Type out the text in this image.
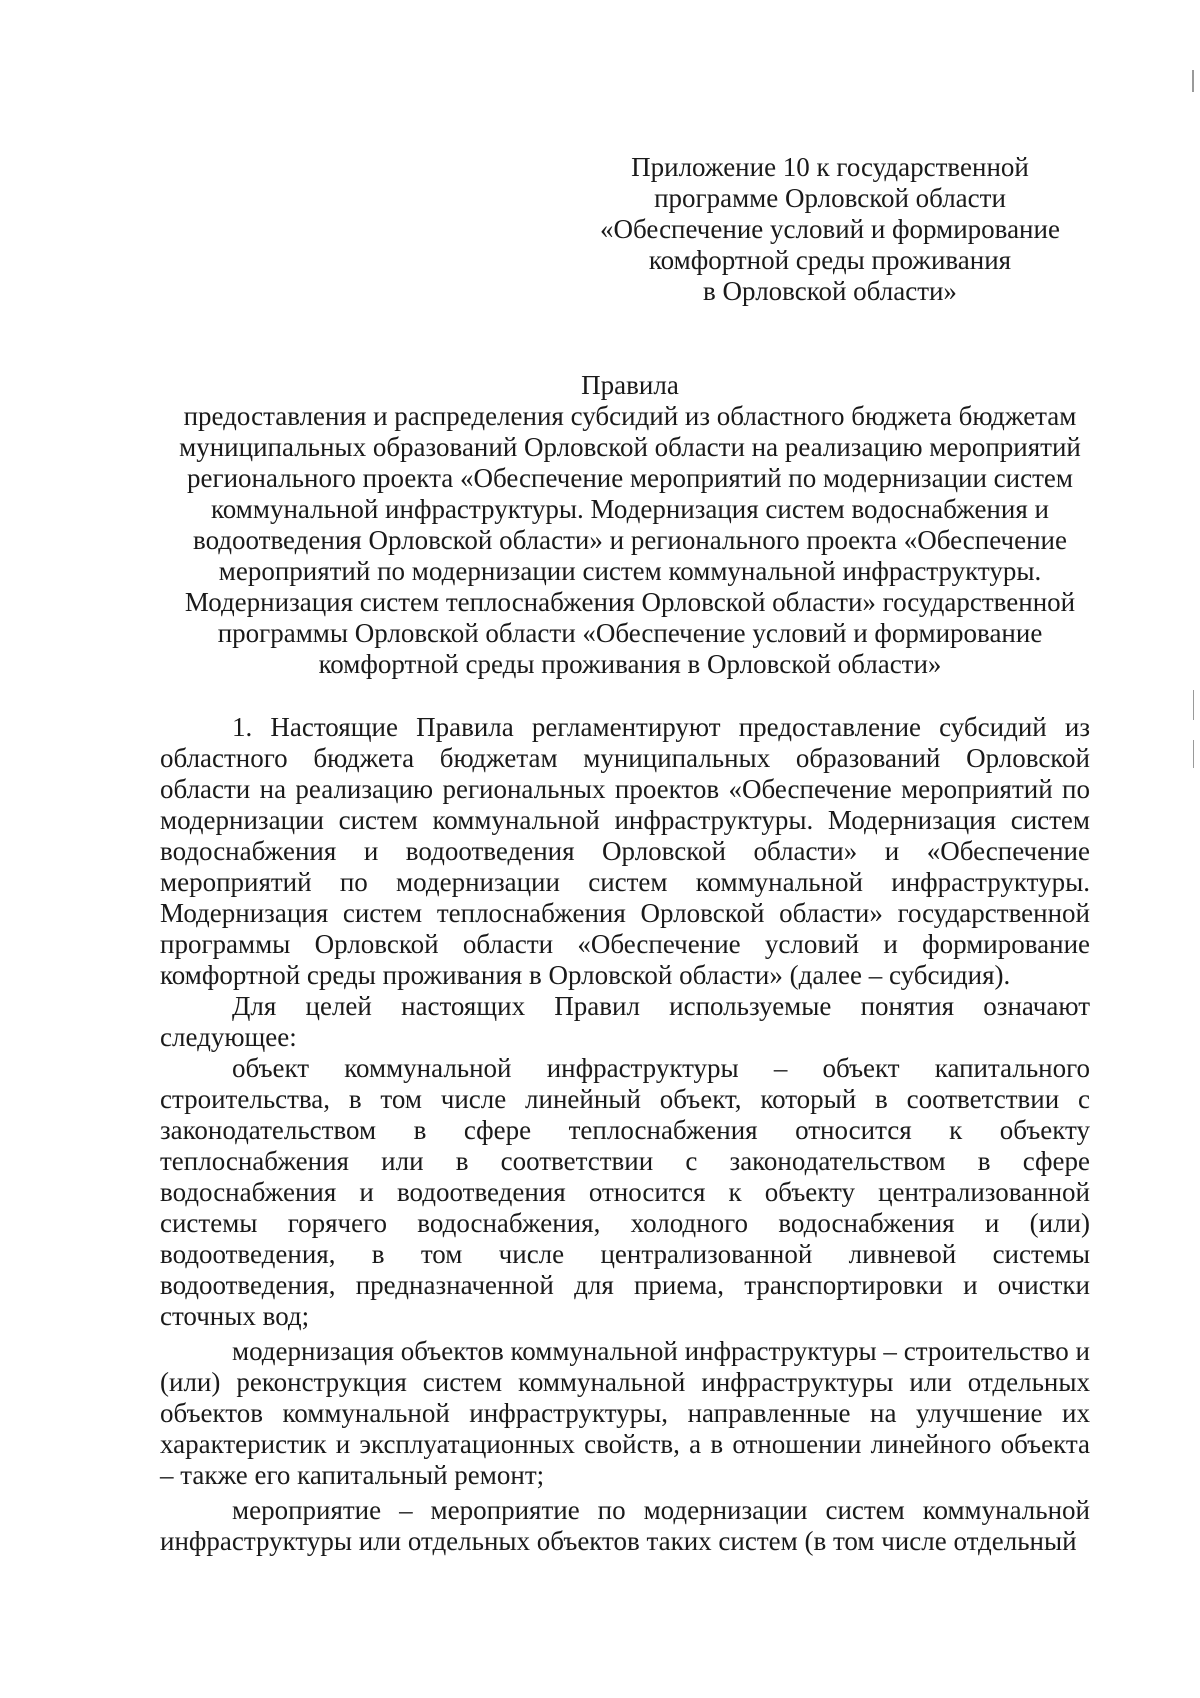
Приложение 10 к государственной
программе Орловской области
«Обеспечение условий и формирование
комфортной среды проживания
в Орловской области»
Правила
предоставления и распределения субсидий из областного бюджета бюджетам
муниципальных образований Орловской области на реализацию мероприятий
регионального проекта «Обеспечение мероприятий по модернизации систем
коммунальной инфраструктуры. Модернизация систем водоснабжения и
водоотведения Орловской области» и регионального проекта «Обеспечение
мероприятий по модернизации систем коммунальной инфраструктуры.
Модернизация систем теплоснабжения Орловской области» государственной
программы Орловской области «Обеспечение условий и формирование
комфортной среды проживания в Орловской области»

1. Настоящие Правила регламентируют предоставление субсидий из областного бюджета бюджетам муниципальных образований Орловской области на реализацию региональных проектов «Обеспечение мероприятий по модернизации систем коммунальной инфраструктуры. Модернизация систем водоснабжения и водоотведения Орловской области» и «Обеспечение мероприятий по модернизации систем коммунальной инфраструктуры. Модернизация систем теплоснабжения Орловской области» государственной программы Орловской области «Обеспечение условий и формирование комфортной среды проживания в Орловской области» (далее – субсидия).

Для целей настоящих Правил используемые понятия означают следующее:

объект коммунальной инфраструктуры – объект капитального строительства, в том числе линейный объект, который в соответствии с законодательством в сфере теплоснабжения относится к объекту теплоснабжения или в соответствии с законодательством в сфере водоснабжения и водоотведения относится к объекту централизованной системы горячего водоснабжения, холодного водоснабжения и (или) водоотведения, в том числе централизованной ливневой системы водоотведения, предназначенной для приема, транспортировки и очистки сточных вод;

модернизация объектов коммунальной инфраструктуры – строительство и (или) реконструкция систем коммунальной инфраструктуры или отдельных объектов коммунальной инфраструктуры, направленные на улучшение их характеристик и эксплуатационных свойств, а в отношении линейного объекта – также его капитальный ремонт;

мероприятие – мероприятие по модернизации систем коммунальной инфраструктуры или отдельных объектов таких систем (в том числе отдельный
